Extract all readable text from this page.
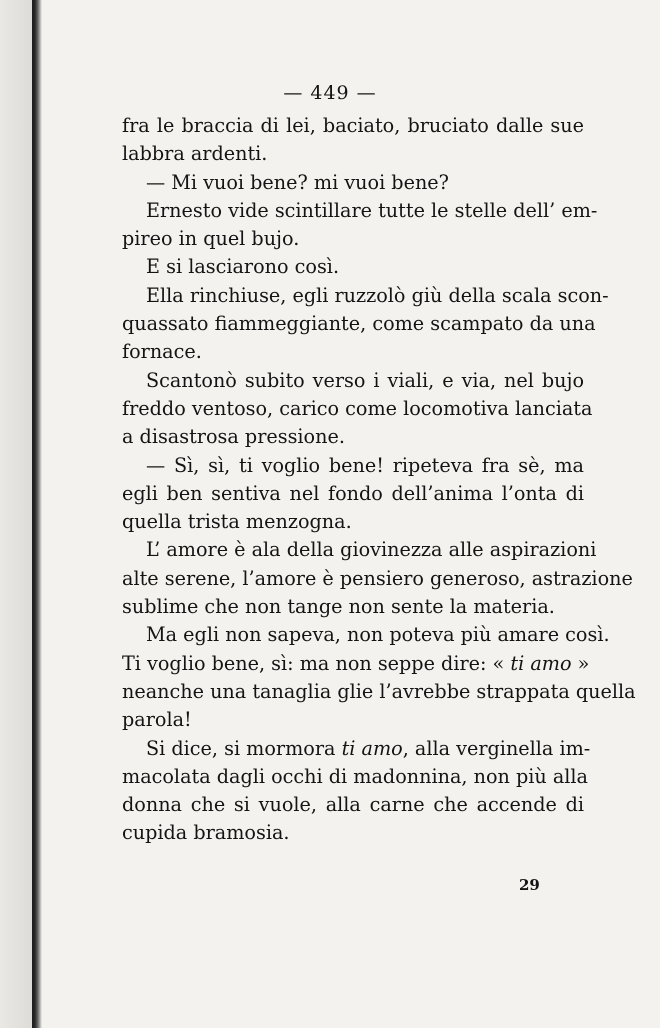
— 449 —
fra le braccia di lei, baciato, bruciato dalle sue
labbra ardenti.
— Mi vuoi bene? mi vuoi bene?
Ernesto vide scintillare tutte le stelle dell’ em-
pireo in quel bujo.
E si lasciarono così.
Ella rinchiuse, egli ruzzolò giù della scala scon-
quassato fiammeggiante, come scampato da una
fornace.
Scantonò subito verso i viali, e via, nel bujo
freddo ventoso, carico come locomotiva lanciata
a disastrosa pressione.
— Sì, sì, ti voglio bene! ripeteva fra sè, ma
egli ben sentiva nel fondo dell’anima l’onta di
quella trista menzogna.
L’ amore è ala della giovinezza alle aspirazioni
alte serene, l’amore è pensiero generoso, astrazione
sublime che non tange non sente la materia.
Ma egli non sapeva, non poteva più amare così.
Ti voglio bene, sì: ma non seppe dire: « ti amo »
neanche una tanaglia glie l’avrebbe strappata quella
parola!
Si dice, si mormora ti amo, alla verginella im-
macolata dagli occhi di madonnina, non più alla
donna che si vuole, alla carne che accende di
cupida bramosia.
29
